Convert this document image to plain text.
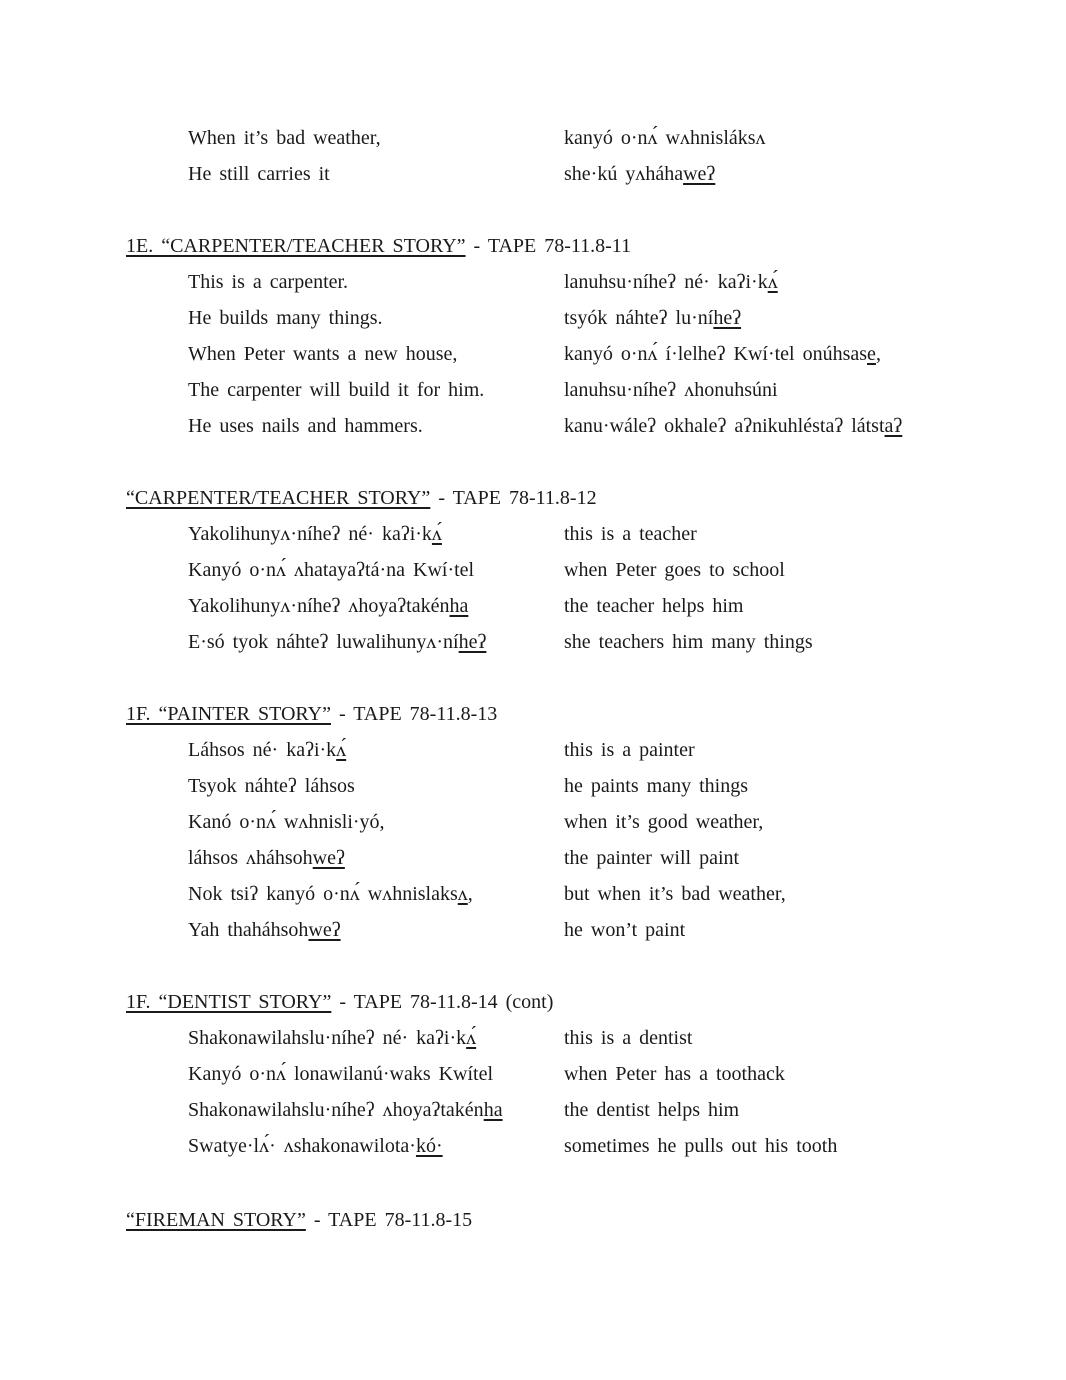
When it’s bad weather,	kanyó o·nʌ́ wʌhnisláksʌ
He still carries it	she·kú yʌháhaweʔ
1E. “CARPENTER/TEACHER STORY” - TAPE 78-11.8-11
This is a carpenter.	lanuhsu·níheʔ né· kaʔi·kʌ́
He builds many things.	tsyók náhteʔ lu·níheʔ
When Peter wants a new house,	kanyó o·nʌ́ í·lelheʔ Kwí·tel onúhsase,
The carpenter will build it for him.	lanuhsu·níheʔ ʌhonuhsúni
He uses nails and hammers.	kanu·wáleʔ okhaleʔ aʔnikuhléstaʔ látstaʔ
“CARPENTER/TEACHER STORY” - TAPE 78-11.8-12
Yakolihunyʌ·níheʔ né· kaʔi·kʌ́	this is a teacher
Kanyó o·nʌ́ ʌhatayaʔtá·na Kwí·tel	when Peter goes to school
Yakolihunyʌ·níheʔ ʌhoyaʔtakénha	the teacher helps him
E·só tyok náhteʔ luwalihunyʌ·níheʔ	she teachers him many things
1F. “PAINTER STORY” - TAPE 78-11.8-13
Láhsos né· kaʔi·kʌ́	this is a painter
Tsyok náhteʔ láhsos	he paints many things
Kanó o·nʌ́ wʌhnisli·yó,	when it’s good weather,
láhsos ʌháhsohweʔ	the painter will paint
Nok tsiʔ kanyó o·nʌ́ wʌhnislaksʌ,	but when it’s bad weather,
Yah thaháhsohweʔ	he won’t paint
1F. “DENTIST STORY” - TAPE 78-11.8-14 (cont)
Shakonawilahslu·níheʔ né· kaʔi·kʌ́	this is a dentist
Kanyó o·nʌ́ lonawilanú·waks Kwítel	when Peter has a toothack
Shakonawilahslu·níheʔ ʌhoyaʔtakénha	the dentist helps him
Swatye·lʌ́· ʌshakonawilota·kó·	sometimes he pulls out his tooth
“FIREMAN STORY” - TAPE 78-11.8-15
